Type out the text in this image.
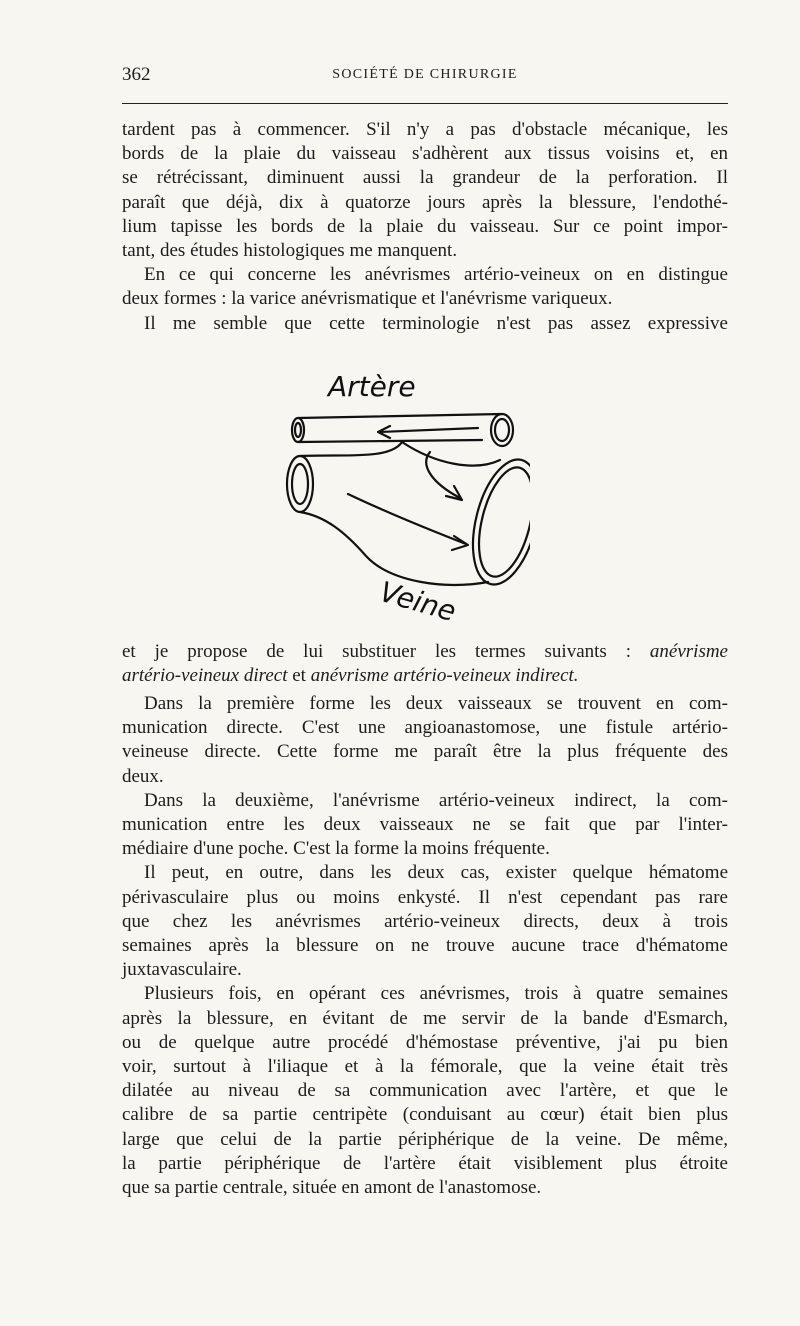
362	SOCIÉTÉ DE CHIRURGIE

tardent pas à commencer. S'il n'y a pas d'obstacle mécanique, les

bords de la plaie du vaisseau s'adhèrent aux tissus voisins et, en

se rétrécissant, diminuent aussi la grandeur de la perforation. Il

paraît que déjà, dix à quatorze jours après la blessure, l'endothé-

lium tapisse les bords de la plaie du vaisseau. Sur ce point impor-

tant, des études histologiques me manquent.

En ce qui concerne les anévrismes artério-veineux on en distingue

deux formes : la varice anévrismatique et l'anévrisme variqueux.

Il me semble que cette terminologie n'est pas assez expressive

Artère
Veine

et je propose de lui substituer les termes suivants : anévrisme

artério-veineux direct et anévrisme artério-veineux indirect.

Dans la première forme les deux vaisseaux se trouvent en com-

munication directe. C'est une angioanastomose, une fistule artério-

veineuse directe. Cette forme me paraît être la plus fréquente des

deux.

Dans la deuxième, l'anévrisme artério-veineux indirect, la com-

munication entre les deux vaisseaux ne se fait que par l'inter-

médiaire d'une poche. C'est la forme la moins fréquente.

Il peut, en outre, dans les deux cas, exister quelque hématome

périvasculaire plus ou moins enkysté. Il n'est cependant pas rare

que chez les anévrismes artério-veineux directs, deux à trois

semaines après la blessure on ne trouve aucune trace d'hématome

juxtavasculaire.

Plusieurs fois, en opérant ces anévrismes, trois à quatre semaines

après la blessure, en évitant de me servir de la bande d'Esmarch,

ou de quelque autre procédé d'hémostase préventive, j'ai pu bien

voir, surtout à l'iliaque et à la fémorale, que la veine était très

dilatée au niveau de sa communication avec l'artère, et que le

calibre de sa partie centripète (conduisant au cœur) était bien plus

large que celui de la partie périphérique de la veine. De même,

la partie périphérique de l'artère était visiblement plus étroite

que sa partie centrale, située en amont de l'anastomose.
